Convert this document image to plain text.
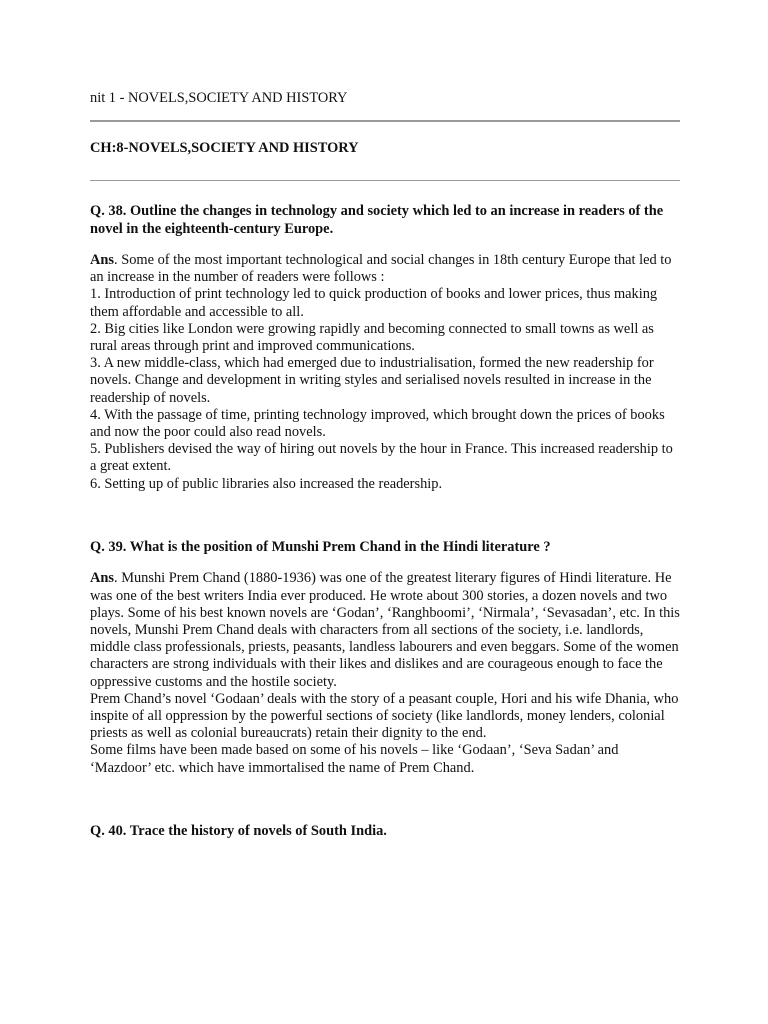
nit 1 - NOVELS,SOCIETY AND HISTORY

CH:8-NOVELS,SOCIETY AND HISTORY

Q. 38. Outline the changes in technology and society which led to an increase in readers of the novel in the eighteenth-century Europe.

Ans. Some of the most important technological and social changes in 18th century Europe that led to an increase in the number of readers were follows :
1. Introduction of print technology led to quick production of books and lower prices, thus making them affordable and accessible to all.
2. Big cities like London were growing rapidly and becoming connected to small towns as well as rural areas through print and improved communications.
3. A new middle-class, which had emerged due to industrialisation, formed the new readership for novels. Change and development in writing styles and serialised novels resulted in increase in the readership of novels.
4. With the passage of time, printing technology improved, which brought down the prices of books and now the poor could also read novels.
5. Publishers devised the way of hiring out novels by the hour in France. This increased readership to a great extent.
6. Setting up of public libraries also increased the readership.

Q. 39. What is the position of Munshi Prem Chand in the Hindi literature ?

Ans. Munshi Prem Chand (1880-1936) was one of the greatest literary figures of Hindi literature. He was one of the best writers India ever produced. He wrote about 300 stories, a dozen novels and two plays. Some of his best known novels are ‘Godan’, ‘Ranghboomi’, ‘Nirmala’, ‘Sevasadan’, etc. In this novels, Munshi Prem Chand deals with characters from all sections of the society, i.e. landlords, middle class professionals, priests, peasants, landless labourers and even beggars. Some of the women characters are strong individuals with their likes and dislikes and are courageous enough to face the oppressive customs and the hostile society.
Prem Chand’s novel ‘Godaan’ deals with the story of a peasant couple, Hori and his wife Dhania, who inspite of all oppression by the powerful sections of society (like landlords, money lenders, colonial priests as well as colonial bureaucrats) retain their dignity to the end.
Some films have been made based on some of his novels – like ‘Godaan’, ‘Seva Sadan’ and ‘Mazdoor’ etc. which have immortalised the name of Prem Chand.

Q. 40. Trace the history of novels of South India.
